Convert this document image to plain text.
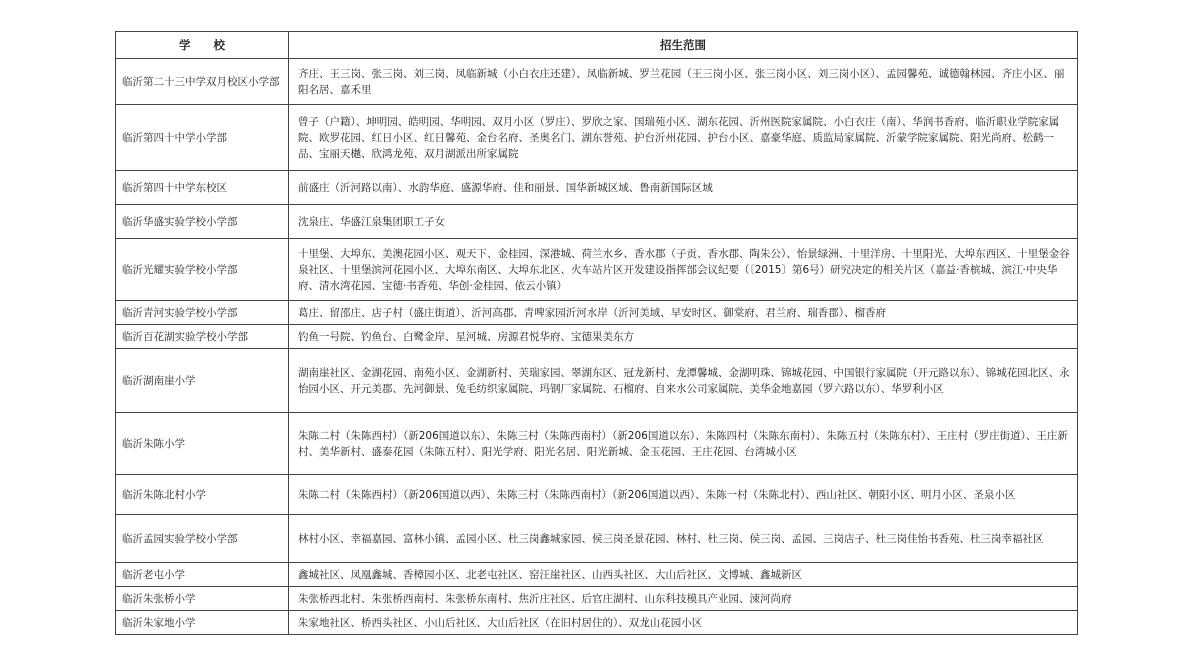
学　　校	招生范围
临沂第二十三中学双月校区小学部	齐庄、王三岗、张三岗、刘三岗、凤临新城（小白衣庄还建）、凤临新城、罗兰花园（王三岗小区、张三岗小区、刘三岗小区）、孟园馨苑、诚德翰林园、齐庄小区、丽阳名居、嘉禾里
临沂第四十中学小学部	曾子（户籍）、坤明园、皓明园、华明园、双月小区（罗庄）、罗欣之家、国瑞苑小区、湖东花园、沂州医院家属院、小白衣庄（南）、华润书香府、临沂职业学院家属院、欧罗花园、红日小区、红日馨苑、金台名府、圣奥名门、湖东誉苑、护台沂州花园、护台小区、嘉豪华庭、质监局家属院、沂蒙学院家属院、阳光尚府、松鹤一品、宝丽天樾、欣鸿龙苑、双月湖派出所家属院
临沂第四十中学东校区	前盛庄（沂河路以南）、水韵华庭、盛源华府、佳和丽景、国华新城区域、鲁南新国际区域
临沂华盛实验学校小学部	沈泉庄、华盛江泉集团职工子女
临沂光耀实验学校小学部	十里堡、大埠东、美澳花园小区、观天下、金桂园、深港城、荷兰水乡、香水郡（子贡、香水郡、陶朱公）、怡景绿洲、十里洋房、十里阳光、大埠东西区、十里堡金谷泉社区、十里堡滨河花园小区、大埠东南区、大埠东北区、火车站片区开发建设指挥部会议纪要（〔2015〕第6号）研究决定的相关片区（嘉益·香槟城、滨江·中央华府、清水湾花园、宝德·书香苑、华创·金桂园、依云小镇）
临沂青河实验学校小学部	葛庄、留邵庄、店子村（盛庄街道）、沂河高郡、青啤家园沂河水岸（沂河美域、早安时区、御棠府、君兰府、瑞香郡）、榴香府
临沂百花湖实验学校小学部	钓鱼一号院、钓鱼台、白鹭金岸、星河城、房源君悦华府、宝德果美东方
临沂湖南崖小学	湖南崖社区、金湖花园、南苑小区、金湖新村、芙瑞家园、翠湖东区、冠龙新村、龙潭馨城、金湖明珠、锦城花园、中国银行家属院（开元路以东）、锦城花园北区、永怡园小区、开元美郡、先河御景、兔毛纺织家属院、玛钢厂家属院、石榴府、自来水公司家属院、美华金地嘉园（罗六路以东）、华罗利小区
临沂朱陈小学	朱陈二村（朱陈西村）（新206国道以东）、朱陈三村（朱陈西南村）（新206国道以东）、朱陈四村（朱陈东南村）、朱陈五村（朱陈东村）、王庄村（罗庄街道）、王庄新村、美华新村、盛泰花园（朱陈五村）、阳光学府、阳光名居、阳光新城、金玉花园、王庄花园、台湾城小区
临沂朱陈北村小学	朱陈二村（朱陈西村）（新206国道以西）、朱陈三村（朱陈西南村）（新206国道以西）、朱陈一村（朱陈北村）、西山社区、朝阳小区、明月小区、圣泉小区
临沂孟园实验学校小学部	林村小区、幸福嘉园、富林小镇、孟园小区、杜三岗鑫城家园、侯三岗圣景花园、林村、杜三岗、侯三岗、孟园、三岗店子、杜三岗佳怡书香苑、杜三岗幸福社区
临沂老屯小学	鑫城社区、凤凰鑫城、香樟园小区、北老屯社区、窑汪崖社区、山西头社区、大山后社区、文博城、鑫城新区
临沂朱张桥小学	朱张桥西北村、朱张桥西南村、朱张桥东南村、焦沂庄社区、后官庄湖村、山东科技模具产业园、涑河尚府
临沂朱家地小学	朱家地社区、桥西头社区、小山后社区、大山后社区（在旧村居住的）、双龙山花园小区
